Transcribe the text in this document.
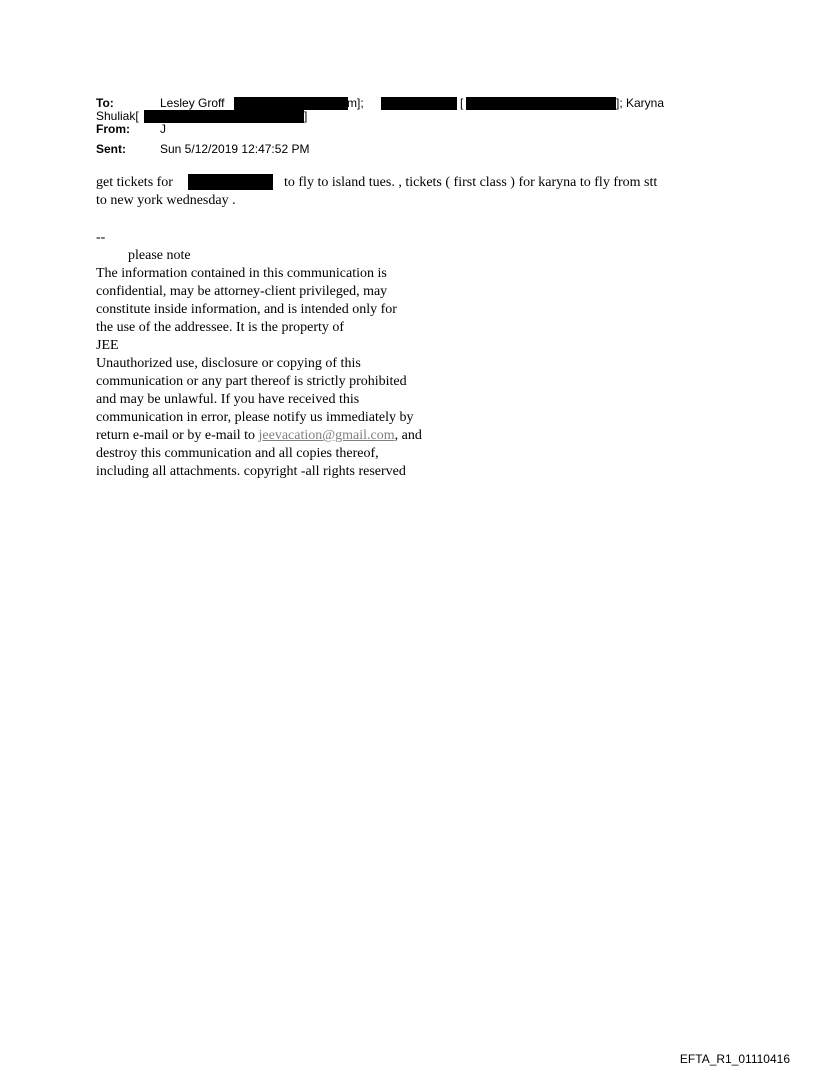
To:	Lesley Groff	m];	[	]; Karyna
Shuliak[	]
From:	J
Sent:	Sun 5/12/2019 12:47:52 PM
get tickets for	to fly to island tues. , tickets ( first class ) for karyna to fly from stt
to new york wednesday .
--
please note
The information contained in this communication is
confidential, may be attorney-client privileged, may
constitute inside information, and is intended only for
the use of the addressee. It is the property of
JEE
Unauthorized use, disclosure or copying of this
communication or any part thereof is strictly prohibited
and may be unlawful. If you have received this
communication in error, please notify us immediately by
return e-mail or by e-mail to jeevacation@gmail.com, and
destroy this communication and all copies thereof,
including all attachments. copyright -all rights reserved
EFTA_R1_01110416
